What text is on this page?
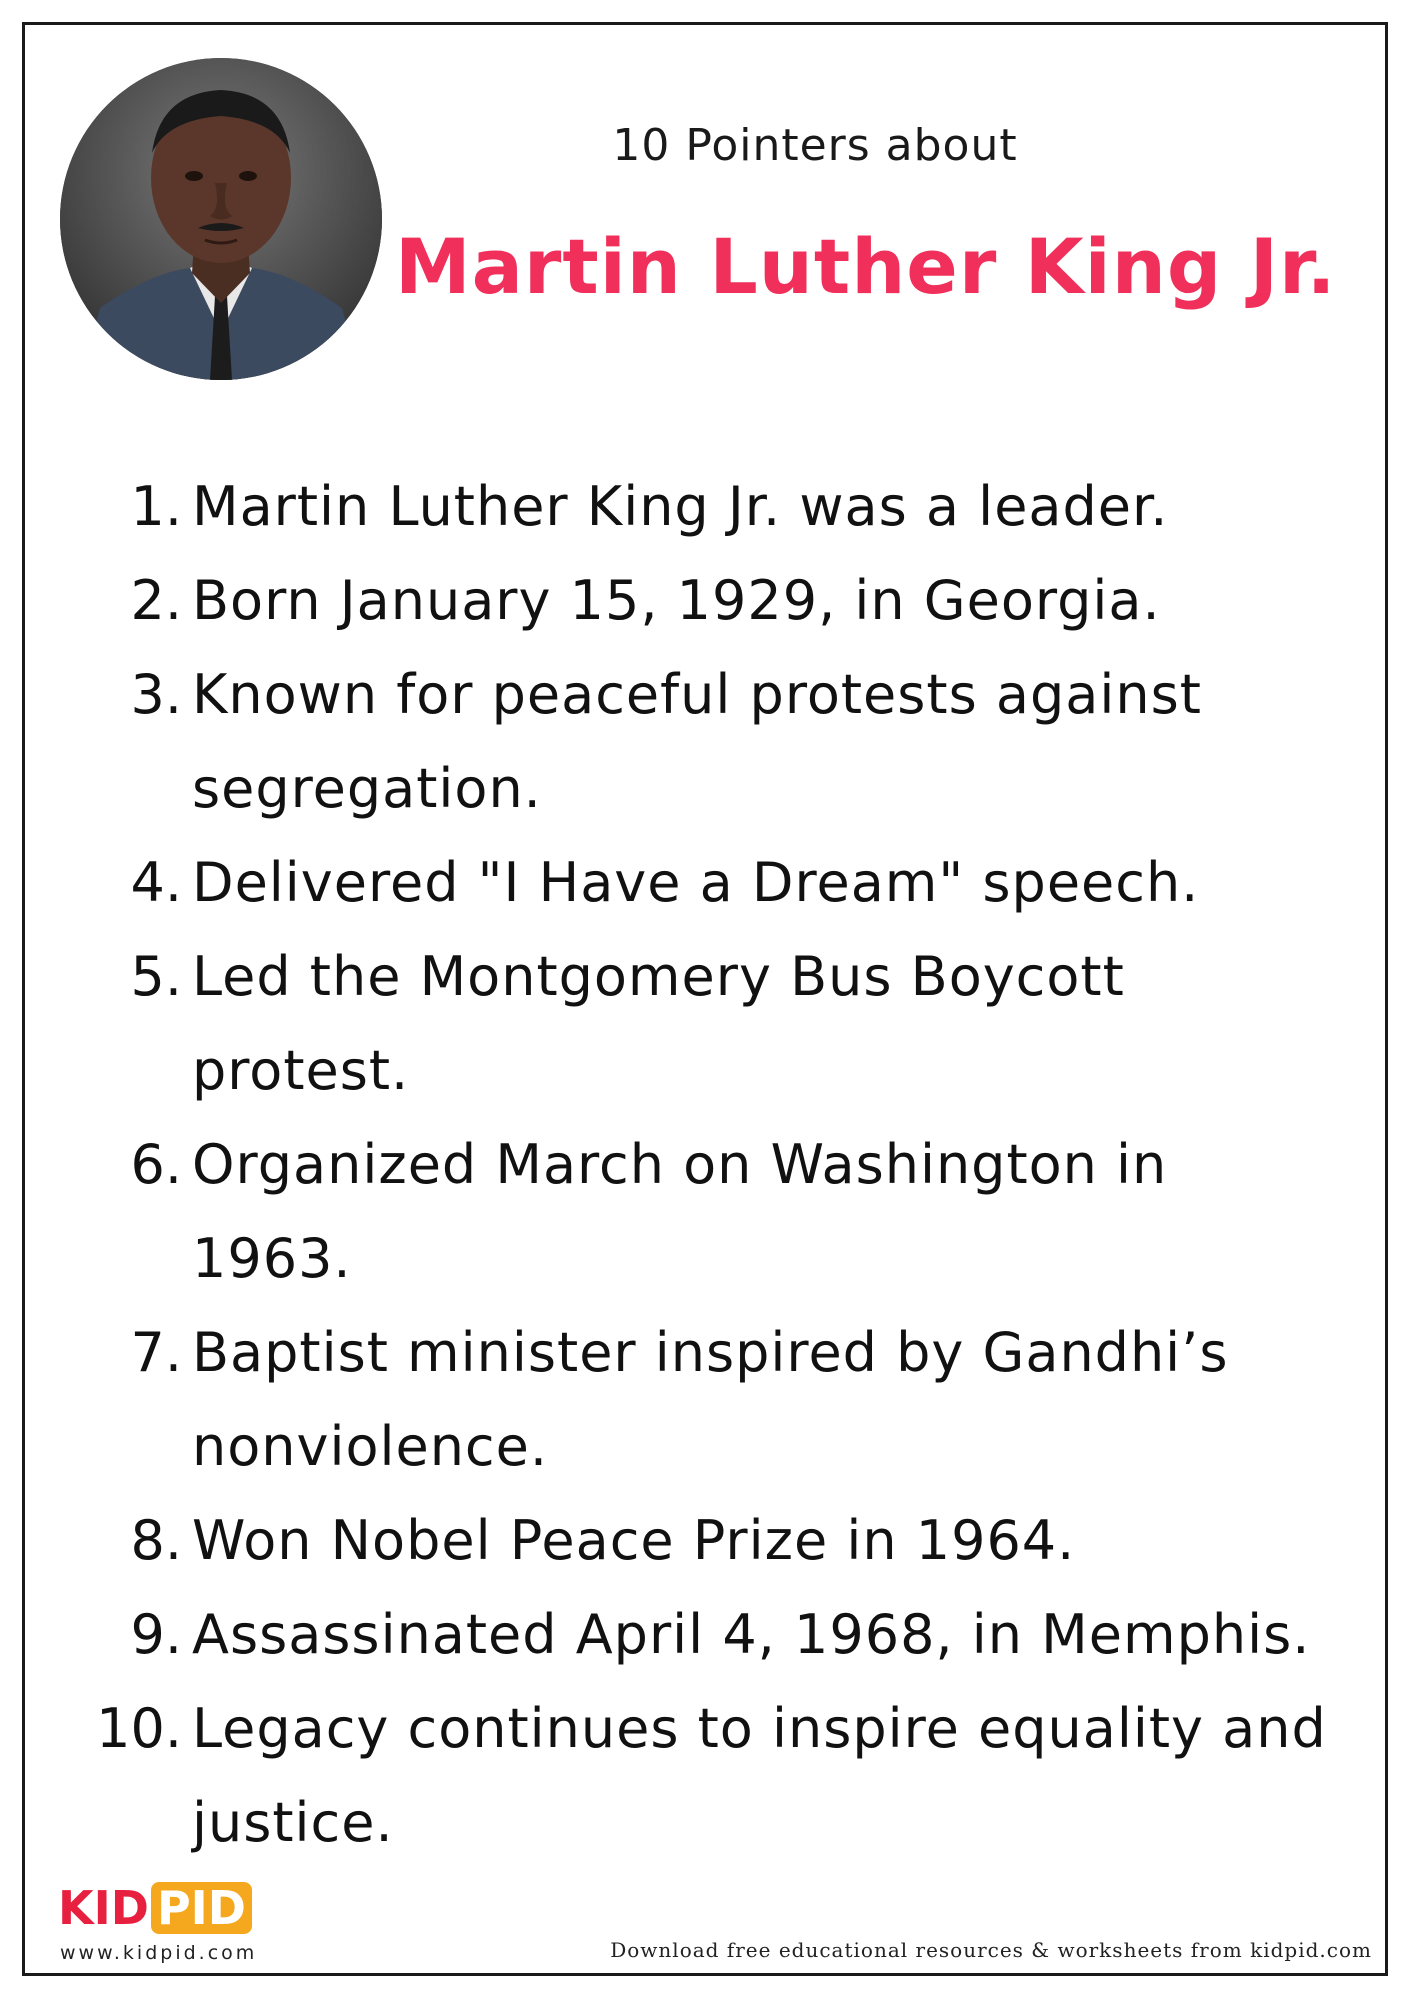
10 Pointers about
Martin Luther King Jr.
1. Martin Luther King Jr. was a leader.
2. Born January 15, 1929, in Georgia.
3. Known for peaceful protests against segregation.
4. Delivered "I Have a Dream" speech.
5. Led the Montgomery Bus Boycott protest.
6. Organized March on Washington in 1963.
7. Baptist minister inspired by Gandhi’s nonviolence.
8. Won Nobel Peace Prize in 1964.
9. Assassinated April 4, 1968, in Memphis.
10. Legacy continues to inspire equality and justice.
KID PID
www.kidpid.com	Download free educational resources & worksheets from kidpid.com
